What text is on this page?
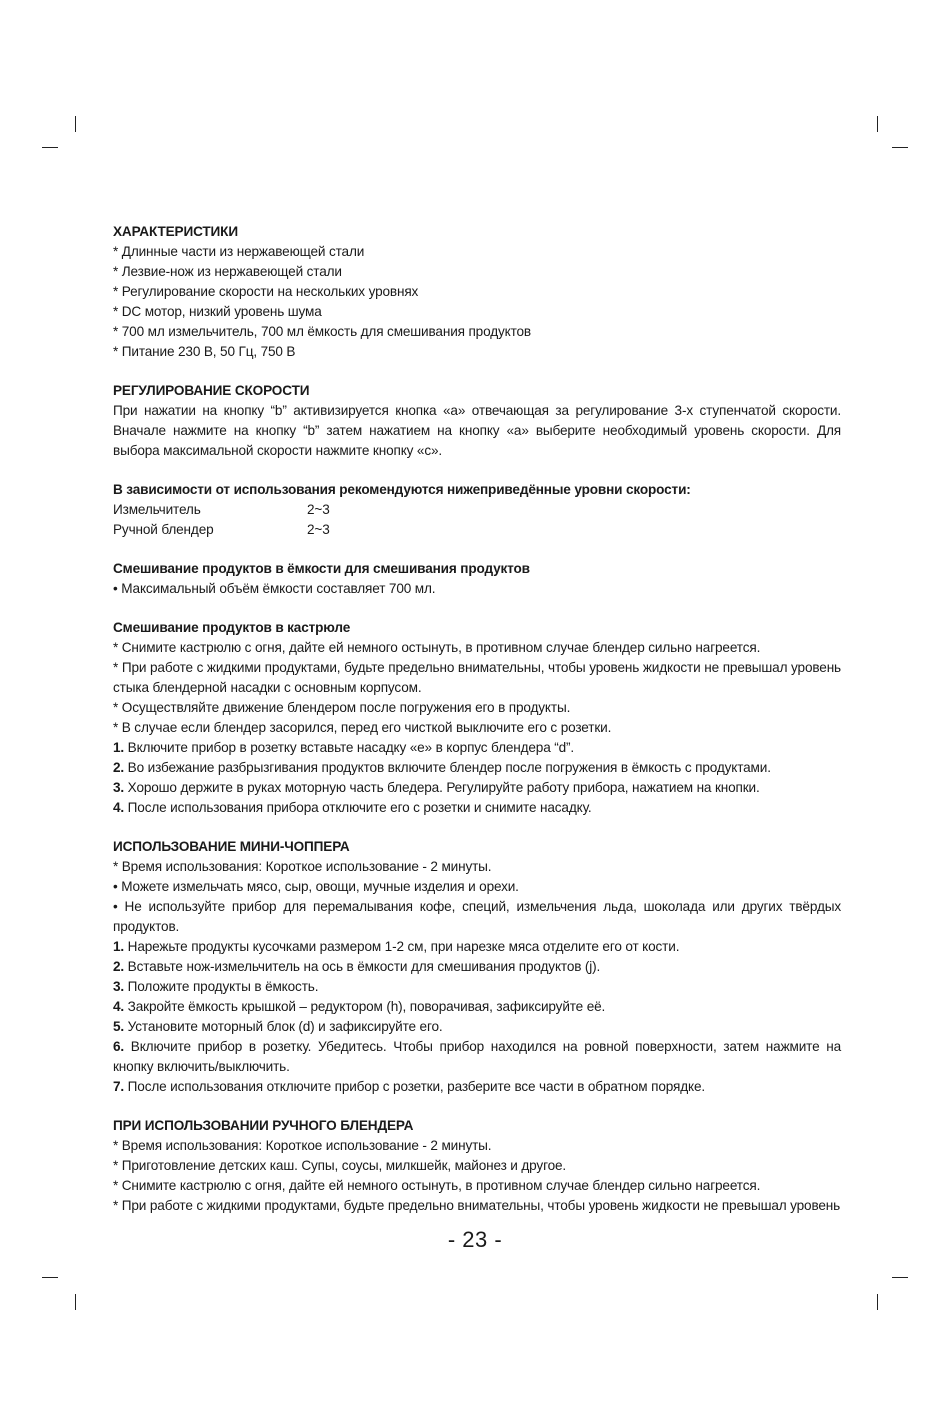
ХАРАКТЕРИСТИКИ
* Длинные части из нержавеющей стали
* Лезвие-нож из нержавеющей стали
* Регулирование скорости на нескольких уровнях
* DC мотор, низкий уровень шума
* 700 мл измельчитель, 700 мл ёмкость для смешивания продуктов
* Питание 230 В, 50 Гц, 750 В
РЕГУЛИРОВАНИЕ СКОРОСТИ
При нажатии на кнопку “b” активизируется кнопка «a» отвечающая за регулирование 3-х ступенчатой скорости. Вначале нажмите на кнопку “b” затем нажатием на кнопку «a» выберите необходимый уровень скорости. Для выбора максимальной скорости нажмите кнопку «c».
В зависимости от использования рекомендуются нижеприведённые уровни скорости:
Измельчитель	2~3
Ручной блендер	2~3
Смешивание продуктов в ёмкости для смешивания продуктов
• Максимальный объём ёмкости составляет 700 мл.
Смешивание продуктов в кастрюле
* Снимите кастрюлю с огня, дайте ей немного остынуть, в противном случае блендер сильно нагреется.
* При работе с жидкими продуктами, будьте предельно внимательны, чтобы уровень жидкости не превышал уровень стыка блендерной насадки с основным корпусом.
* Осуществляйте движение блендером после погружения его в продукты.
* В случае если блендер засорился, перед его чисткой выключите его с розетки.
1. Включите прибор в розетку вставьте насадку «e» в корпус блендера “d”.
2. Во избежание разбрызгивания продуктов включите блендер после погружения в ёмкость с продуктами.
3. Хорошо держите в руках моторную часть бледера. Регулируйте работу прибора, нажатием на кнопки.
4. После использования прибора отключите его с розетки и снимите насадку.
ИСПОЛЬЗОВАНИЕ МИНИ-ЧОППЕРА
* Время использования: Короткое использование - 2 минуты.
• Можете измельчать мясо, сыр, овощи, мучные изделия и орехи.
• Не используйте прибор для перемалывания кофе, специй, измельчения льда, шоколада или других твёрдых продуктов.
1. Нарежьте продукты кусочками размером 1-2 см, при нарезке мяса отделите его от кости.
2. Вставьте нож-измельчитель на ось в ёмкости для смешивания продуктов (j).
3. Положите продукты в ёмкость.
4. Закройте ёмкость крышкой – редуктором (h), поворачивая, зафиксируйте её.
5. Установите моторный блок (d) и зафиксируйте его.
6. Включите прибор в розетку. Убедитесь. Чтобы прибор находился на ровной поверхности, затем нажмите на кнопку включить/выключить.
7. После использования отключите прибор с розетки, разберите все части в обратном порядке.
ПРИ ИСПОЛЬЗОВАНИИ РУЧНОГО БЛЕНДЕРА
* Время использования: Короткое использование - 2 минуты.
* Приготовление детских каш. Супы, соусы, милкшейк, майонез и другое.
* Снимите кастрюлю с огня, дайте ей немного остынуть, в противном случае блендер сильно нагреется.
* При работе с жидкими продуктами, будьте предельно внимательны, чтобы уровень жидкости не превышал уровень
- 23 -
